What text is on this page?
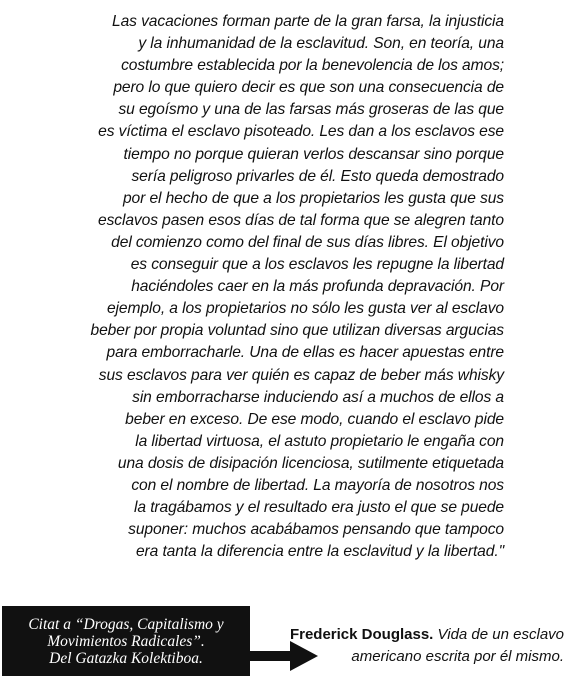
Las vacaciones forman parte de la gran farsa, la injusticia
y la inhumanidad de la esclavitud. Son, en teoría, una
costumbre establecida por la benevolencia de los amos;
pero lo que quiero decir es que son una consecuencia de
su egoísmo y una de las farsas más groseras de las que
es víctima el esclavo pisoteado. Les dan a los esclavos ese
tiempo no porque quieran verlos descansar sino porque
sería peligroso privarles de él. Esto queda demostrado
por el hecho de que a los propietarios les gusta que sus
esclavos pasen esos días de tal forma que se alegren tanto
del comienzo como del final de sus días libres. El objetivo
es conseguir que a los esclavos les repugne la libertad
haciéndoles caer en la más profunda depravación. Por
ejemplo, a los propietarios no sólo les gusta ver al esclavo
beber por propia voluntad sino que utilizan diversas argucias
para emborracharle. Una de ellas es hacer apuestas entre
sus esclavos para ver quién es capaz de beber más whisky
sin emborracharse induciendo así a muchos de ellos a
beber en exceso. De ese modo, cuando el esclavo pide
la libertad virtuosa, el astuto propietario le engaña con
una dosis de disipación licenciosa, sutilmente etiquetada
con el nombre de libertad. La mayoría de nosotros nos
la tragábamos y el resultado era justo el que se puede
suponer: muchos acabábamos pensando que tampoco
era tanta la diferencia entre la esclavitud y la libertad."
Citat a “Drogas, Capitalismo y
Movimientos Radicales”.
Del Gatazka Kolektiboa.
Frederick Douglass. Vida de un esclavo
americano escrita por él mismo.
